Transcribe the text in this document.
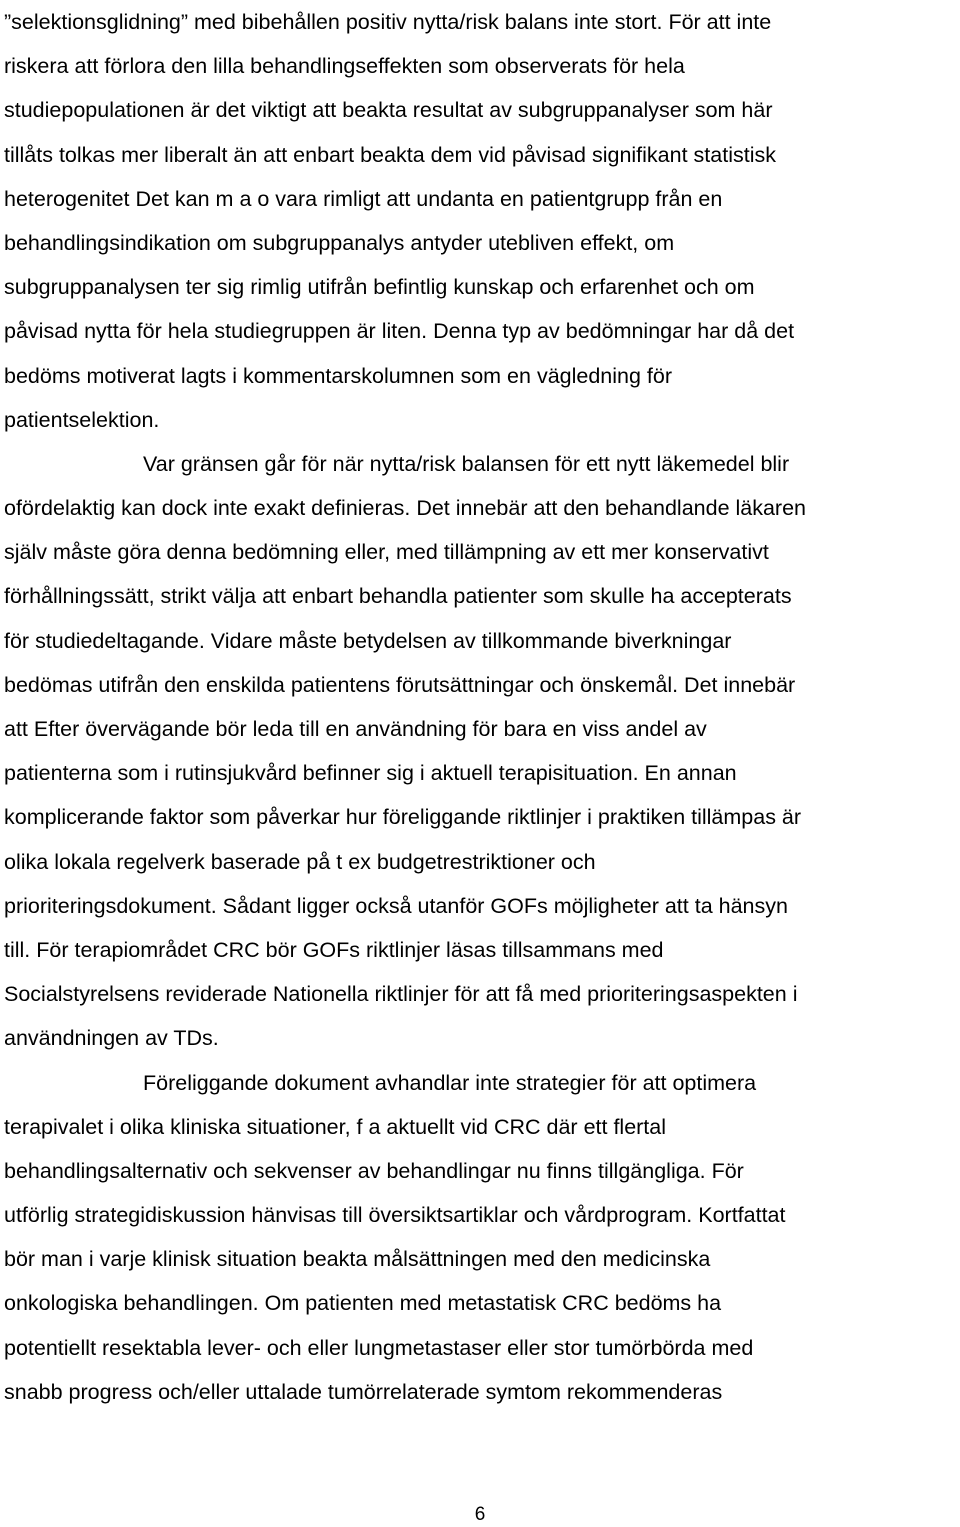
”selektionsglidning” med bibehållen positiv nytta/risk balans inte stort. För att inte
riskera att förlora den lilla behandlingseffekten som observerats för hela
studiepopulationen är det viktigt att beakta resultat av subgruppanalyser som här
tillåts tolkas mer liberalt än att enbart beakta dem vid påvisad signifikant statistisk
heterogenitet Det kan m a o vara rimligt att undanta en patientgrupp från en
behandlingsindikation om subgruppanalys antyder utebliven effekt, om
subgruppanalysen ter sig rimlig utifrån befintlig kunskap och erfarenhet och om
påvisad nytta för hela studiegruppen är liten. Denna typ av bedömningar har då det
bedöms motiverat lagts i kommentarskolumnen som en vägledning för
patientselektion.
Var gränsen går för när nytta/risk balansen för ett nytt läkemedel blir
ofördelaktig kan dock inte exakt definieras. Det innebär att den behandlande läkaren
själv måste göra denna bedömning eller, med tillämpning av ett mer konservativt
förhållningssätt, strikt välja att enbart behandla patienter som skulle ha accepterats
för studiedeltagande. Vidare måste betydelsen av tillkommande biverkningar
bedömas utifrån den enskilda patientens förutsättningar och önskemål. Det innebär
att Efter övervägande bör leda till en användning för bara en viss andel av
patienterna som i rutinsjukvård befinner sig i aktuell terapisituation. En annan
komplicerande faktor som påverkar hur föreliggande riktlinjer i praktiken tillämpas är
olika lokala regelverk baserade på t ex budgetrestriktioner och
prioriteringsdokument. Sådant ligger också utanför GOFs möjligheter att ta hänsyn
till. För terapiområdet CRC bör GOFs riktlinjer läsas tillsammans med
Socialstyrelsens reviderade Nationella riktlinjer för att få med prioriteringsaspekten i
användningen av TDs.
Föreliggande dokument avhandlar inte strategier för att optimera
terapivalet i olika kliniska situationer, f a aktuellt vid CRC där ett flertal
behandlingsalternativ och sekvenser av behandlingar nu finns tillgängliga. För
utförlig strategidiskussion hänvisas till översiktsartiklar och vårdprogram. Kortfattat
bör man i varje klinisk situation beakta målsättningen med den medicinska
onkologiska behandlingen. Om patienten med metastatisk CRC bedöms ha
potentiellt resektabla lever- och eller lungmetastaser eller stor tumörbörda med
snabb progress och/eller uttalade tumörrelaterade symtom rekommenderas
6
